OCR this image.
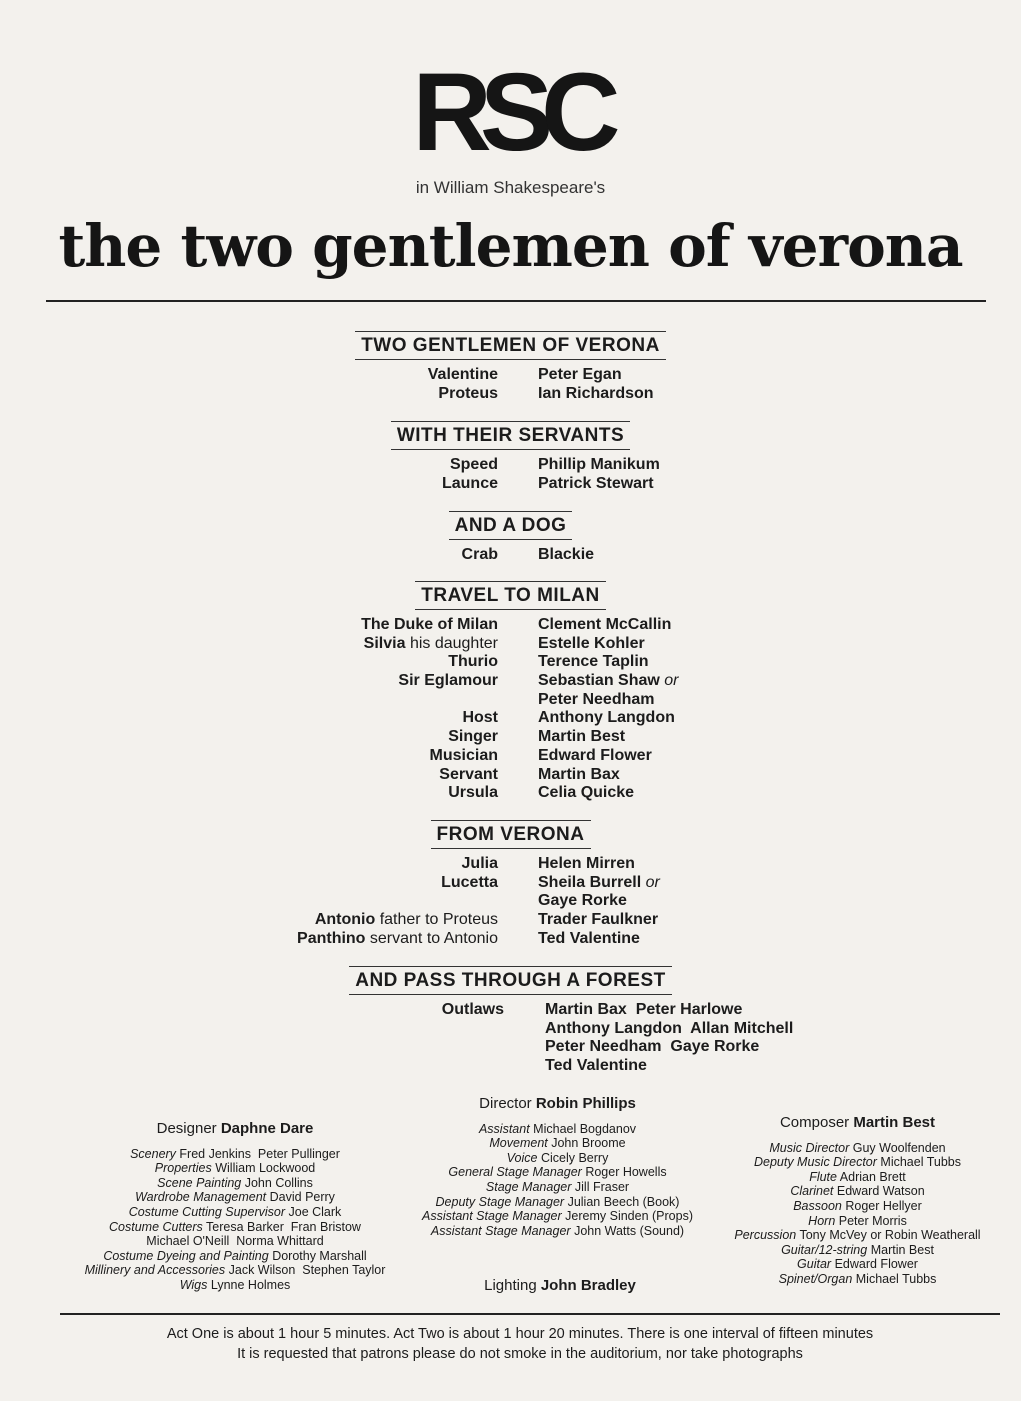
RSC
in William Shakespeare's
the two gentlemen of verona
TWO GENTLEMEN OF VERONA
Valentine	Peter Egan
Proteus	Ian Richardson
WITH THEIR SERVANTS
Speed	Phillip Manikum
Launce	Patrick Stewart
AND A DOG
Crab	Blackie
TRAVEL TO MILAN
The Duke of Milan	Clement McCallin
Silvia his daughter	Estelle Kohler
Thurio	Terence Taplin
Sir Eglamour	Sebastian Shaw or
Peter Needham
Host	Anthony Langdon
Singer	Martin Best
Musician	Edward Flower
Servant	Martin Bax
Ursula	Celia Quicke
FROM VERONA
Julia	Helen Mirren
Lucetta	Sheila Burrell or
Gaye Rorke
Antonio father to Proteus	Trader Faulkner
Panthino servant to Antonio	Ted Valentine
AND PASS THROUGH A FOREST
Outlaws	Martin Bax  Peter Harlowe
Anthony Langdon  Allan Mitchell
Peter Needham  Gaye Rorke
Ted Valentine
Designer Daphne Dare
Scenery Fred Jenkins  Peter Pullinger
Properties William Lockwood
Scene Painting John Collins
Wardrobe Management David Perry
Costume Cutting Supervisor Joe Clark
Costume Cutters Teresa Barker  Fran Bristow
Michael O'Neill  Norma Whittard
Costume Dyeing and Painting Dorothy Marshall
Millinery and Accessories Jack Wilson  Stephen Taylor
Wigs Lynne Holmes
Director Robin Phillips
Assistant Michael Bogdanov
Movement John Broome
Voice Cicely Berry
General Stage Manager Roger Howells
Stage Manager Jill Fraser
Deputy Stage Manager Julian Beech (Book)
Assistant Stage Manager Jeremy Sinden (Props)
Assistant Stage Manager John Watts (Sound)
Lighting John Bradley
Composer Martin Best
Music Director Guy Woolfenden
Deputy Music Director Michael Tubbs
Flute Adrian Brett
Clarinet Edward Watson
Bassoon Roger Hellyer
Horn Peter Morris
Percussion Tony McVey or Robin Weatherall
Guitar/12-string Martin Best
Guitar Edward Flower
Spinet/Organ Michael Tubbs
Act One is about 1 hour 5 minutes. Act Two is about 1 hour 20 minutes. There is one interval of fifteen minutes
It is requested that patrons please do not smoke in the auditorium, nor take photographs
